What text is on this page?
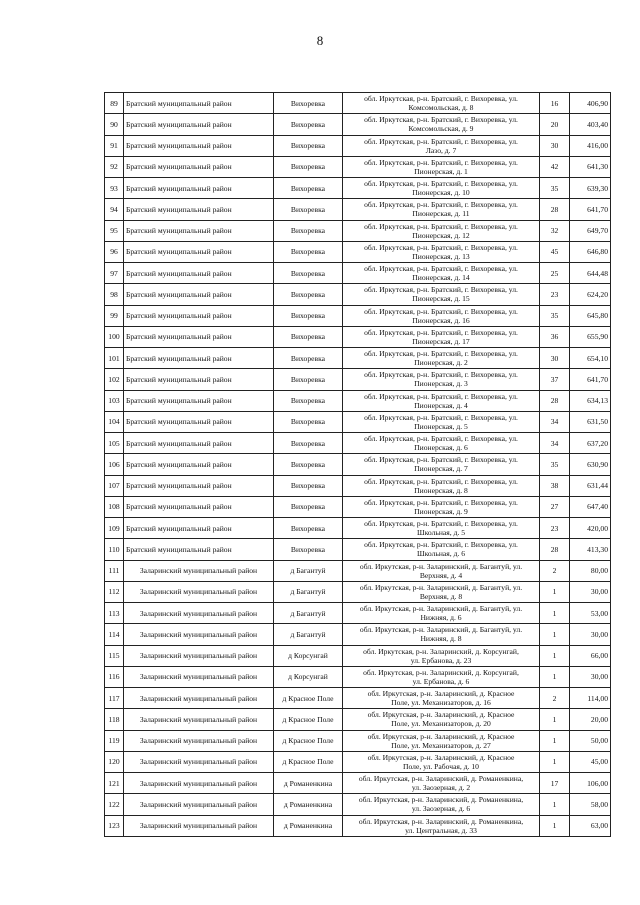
8
89	Братский муниципальный район	Вихоревка	обл. Иркутская, р-н. Братский, г. Вихоревка, ул.
Комсомольская, д. 8	16	406,90
90	Братский муниципальный район	Вихоревка	обл. Иркутская, р-н. Братский, г. Вихоревка, ул.
Комсомольская, д. 9	20	403,40
91	Братский муниципальный район	Вихоревка	обл. Иркутская, р-н. Братский, г. Вихоревка, ул.
Лазо, д. 7	30	416,00
92	Братский муниципальный район	Вихоревка	обл. Иркутская, р-н. Братский, г. Вихоревка, ул.
Пионерская, д. 1	42	641,30
93	Братский муниципальный район	Вихоревка	обл. Иркутская, р-н. Братский, г. Вихоревка, ул.
Пионерская, д. 10	35	639,30
94	Братский муниципальный район	Вихоревка	обл. Иркутская, р-н. Братский, г. Вихоревка, ул.
Пионерская, д. 11	28	641,70
95	Братский муниципальный район	Вихоревка	обл. Иркутская, р-н. Братский, г. Вихоревка, ул.
Пионерская, д. 12	32	649,70
96	Братский муниципальный район	Вихоревка	обл. Иркутская, р-н. Братский, г. Вихоревка, ул.
Пионерская, д. 13	45	646,80
97	Братский муниципальный район	Вихоревка	обл. Иркутская, р-н. Братский, г. Вихоревка, ул.
Пионерская, д. 14	25	644,48
98	Братский муниципальный район	Вихоревка	обл. Иркутская, р-н. Братский, г. Вихоревка, ул.
Пионерская, д. 15	23	624,20
99	Братский муниципальный район	Вихоревка	обл. Иркутская, р-н. Братский, г. Вихоревка, ул.
Пионерская, д. 16	35	645,80
100	Братский муниципальный район	Вихоревка	обл. Иркутская, р-н. Братский, г. Вихоревка, ул.
Пионерская, д. 17	36	655,90
101	Братский муниципальный район	Вихоревка	обл. Иркутская, р-н. Братский, г. Вихоревка, ул.
Пионерская, д. 2	30	654,10
102	Братский муниципальный район	Вихоревка	обл. Иркутская, р-н. Братский, г. Вихоревка, ул.
Пионерская, д. 3	37	641,70
103	Братский муниципальный район	Вихоревка	обл. Иркутская, р-н. Братский, г. Вихоревка, ул.
Пионерская, д. 4	28	634,13
104	Братский муниципальный район	Вихоревка	обл. Иркутская, р-н. Братский, г. Вихоревка, ул.
Пионерская, д. 5	34	631,50
105	Братский муниципальный район	Вихоревка	обл. Иркутская, р-н. Братский, г. Вихоревка, ул.
Пионерская, д. 6	34	637,20
106	Братский муниципальный район	Вихоревка	обл. Иркутская, р-н. Братский, г. Вихоревка, ул.
Пионерская, д. 7	35	630,90
107	Братский муниципальный район	Вихоревка	обл. Иркутская, р-н. Братский, г. Вихоревка, ул.
Пионерская, д. 8	38	631,44
108	Братский муниципальный район	Вихоревка	обл. Иркутская, р-н. Братский, г. Вихоревка, ул.
Пионерская, д. 9	27	647,40
109	Братский муниципальный район	Вихоревка	обл. Иркутская, р-н. Братский, г. Вихоревка, ул.
Школьная, д. 5	23	420,00
110	Братский муниципальный район	Вихоревка	обл. Иркутская, р-н. Братский, г. Вихоревка, ул.
Школьная, д. 6	28	413,30
111	Заларинский муниципальный район	д Багантуй	обл. Иркутская, р-н. Заларинский, д. Багантуй, ул.
Верхняя, д. 4	2	80,00
112	Заларинский муниципальный район	д Багантуй	обл. Иркутская, р-н. Заларинский, д. Багантуй, ул.
Верхняя, д. 8	1	30,00
113	Заларинский муниципальный район	д Багантуй	обл. Иркутская, р-н. Заларинский, д. Багантуй, ул.
Нижняя, д. 6	1	53,00
114	Заларинский муниципальный район	д Багантуй	обл. Иркутская, р-н. Заларинский, д. Багантуй, ул.
Нижняя, д. 8	1	30,00
115	Заларинский муниципальный район	д Корсунгай	обл. Иркутская, р-н. Заларинский, д. Корсунгай,
ул. Ербанова, д. 23	1	66,00
116	Заларинский муниципальный район	д Корсунгай	обл. Иркутская, р-н. Заларинский, д. Корсунгай,
ул. Ербанова, д. 6	1	30,00
117	Заларинский муниципальный район	д Красное Поле	обл. Иркутская, р-н. Заларинский, д. Красное
Поле, ул. Механизаторов, д. 16	2	114,00
118	Заларинский муниципальный район	д Красное Поле	обл. Иркутская, р-н. Заларинский, д. Красное
Поле, ул. Механизаторов, д. 20	1	20,00
119	Заларинский муниципальный район	д Красное Поле	обл. Иркутская, р-н. Заларинский, д. Красное
Поле, ул. Механизаторов, д. 27	1	50,00
120	Заларинский муниципальный район	д Красное Поле	обл. Иркутская, р-н. Заларинский, д. Красное
Поле, ул. Рабочая, д. 10	1	45,00
121	Заларинский муниципальный район	д Романенкина	обл. Иркутская, р-н. Заларинский, д. Романенкина,
ул. Заозерная, д. 2	17	106,00
122	Заларинский муниципальный район	д Романенкина	обл. Иркутская, р-н. Заларинский, д. Романенкина,
ул. Заозерная, д. 6	1	58,00
123	Заларинский муниципальный район	д Романенкина	обл. Иркутская, р-н. Заларинский, д. Романенкина,
ул. Центральная, д. 33	1	63,00
